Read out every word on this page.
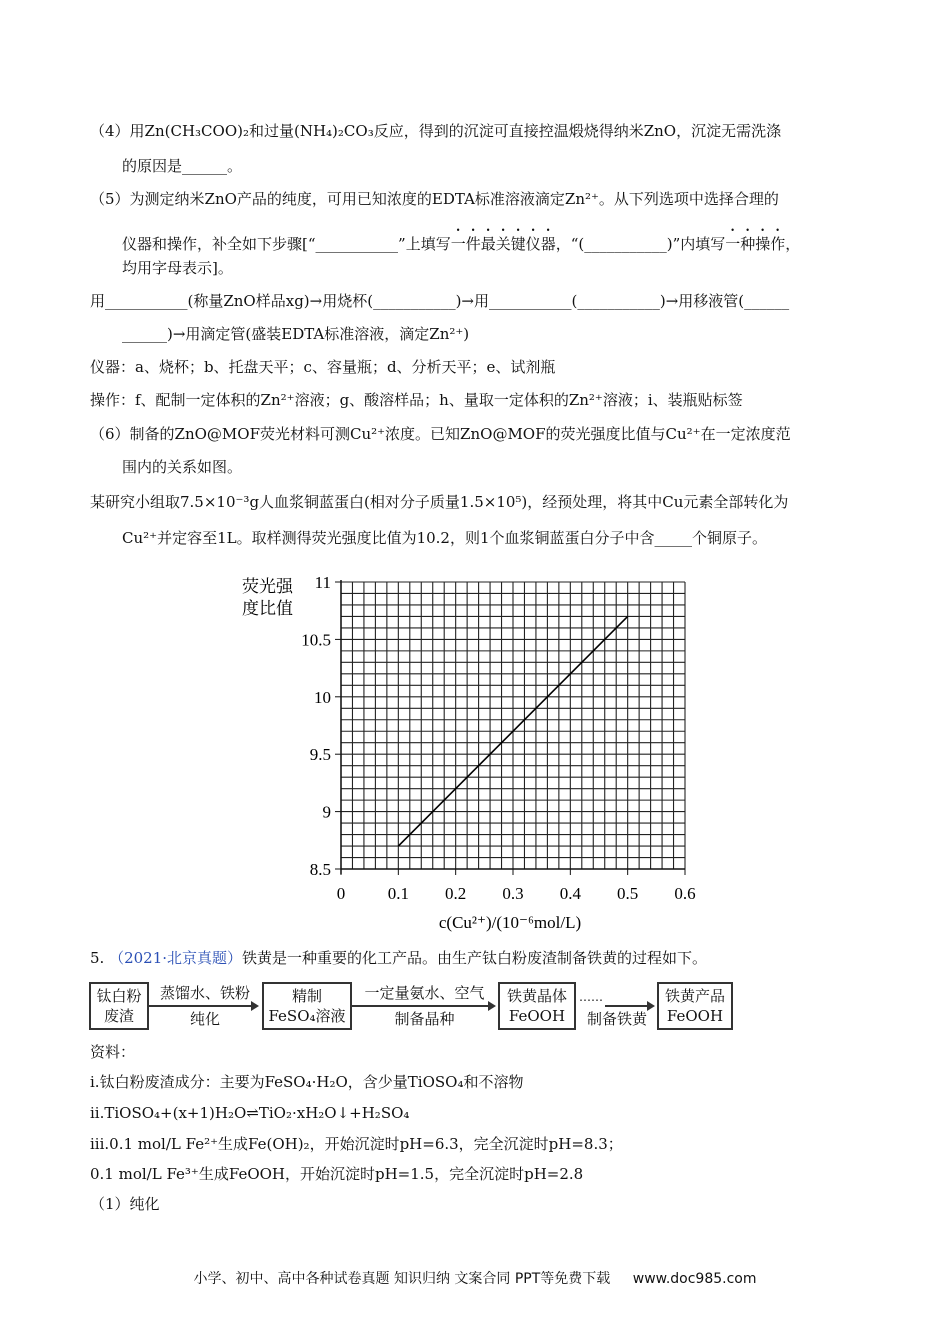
（4）用Zn(CH₃COO)₂和过量(NH₄)₂CO₃反应，得到的沉淀可直接控温煅烧得纳米ZnO，沉淀无需洗涤
的原因是______。
（5）为测定纳米ZnO产品的纯度，可用已知浓度的EDTA标准溶液滴定Zn²⁺。从下列选项中选择合理的
仪器和操作，补全如下步骤[“___________”上填写一件最关键仪器，“(___________)”内填写一种操作，
均用字母表示]。
用___________(称量ZnO样品xg)→用烧杯(___________)→用___________(___________)→用移液管(______
______)→用滴定管(盛装EDTA标准溶液，滴定Zn²⁺)
仪器：a、烧杯；b、托盘天平；c、容量瓶；d、分析天平；e、试剂瓶
操作：f、配制一定体积的Zn²⁺溶液；g、酸溶样品；h、量取一定体积的Zn²⁺溶液；i、装瓶贴标签
（6）制备的ZnO@MOF荧光材料可测Cu²⁺浓度。已知ZnO@MOF的荧光强度比值与Cu²⁺在一定浓度范
围内的关系如图。
某研究小组取7.5×10⁻³g人血浆铜蓝蛋白(相对分子质量1.5×10⁵)，经预处理，将其中Cu元素全部转化为
Cu²⁺并定容至1L。取样测得荧光强度比值为10.2，则1个血浆铜蓝蛋白分子中含_____个铜原子。
0 0.1 0.2 0.3 0.4 0.5 0.6
8.5
9
9.5
10
10.5
11
荧光强
度比值
c(Cu²⁺)/(10⁻⁶mol/L)
5. （2021·北京真题）铁黄是一种重要的化工产品。由生产钛白粉废渣制备铁黄的过程如下。
钛白粉
废渣
蒸馏水、铁粉
纯化
精制
FeSO₄溶液
一定量氨水、空气
制备晶种
铁黄晶体
FeOOH
……
制备铁黄
铁黄产品
FeOOH
资料：
i.钛白粉废渣成分：主要为FeSO₄·H₂O，含少量TiOSO₄和不溶物
ii.TiOSO₄+(x+1)H₂O⇌TiO₂·xH₂O↓+H₂SO₄
iii.0.1 mol/L Fe²⁺生成Fe(OH)₂，开始沉淀时pH=6.3，完全沉淀时pH=8.3；
0.1 mol/L Fe³⁺生成FeOOH，开始沉淀时pH=1.5，完全沉淀时pH=2.8
（1）纯化
小学、初中、高中各种试卷真题 知识归纳 文案合同 PPT等免费下载 www.doc985.com
